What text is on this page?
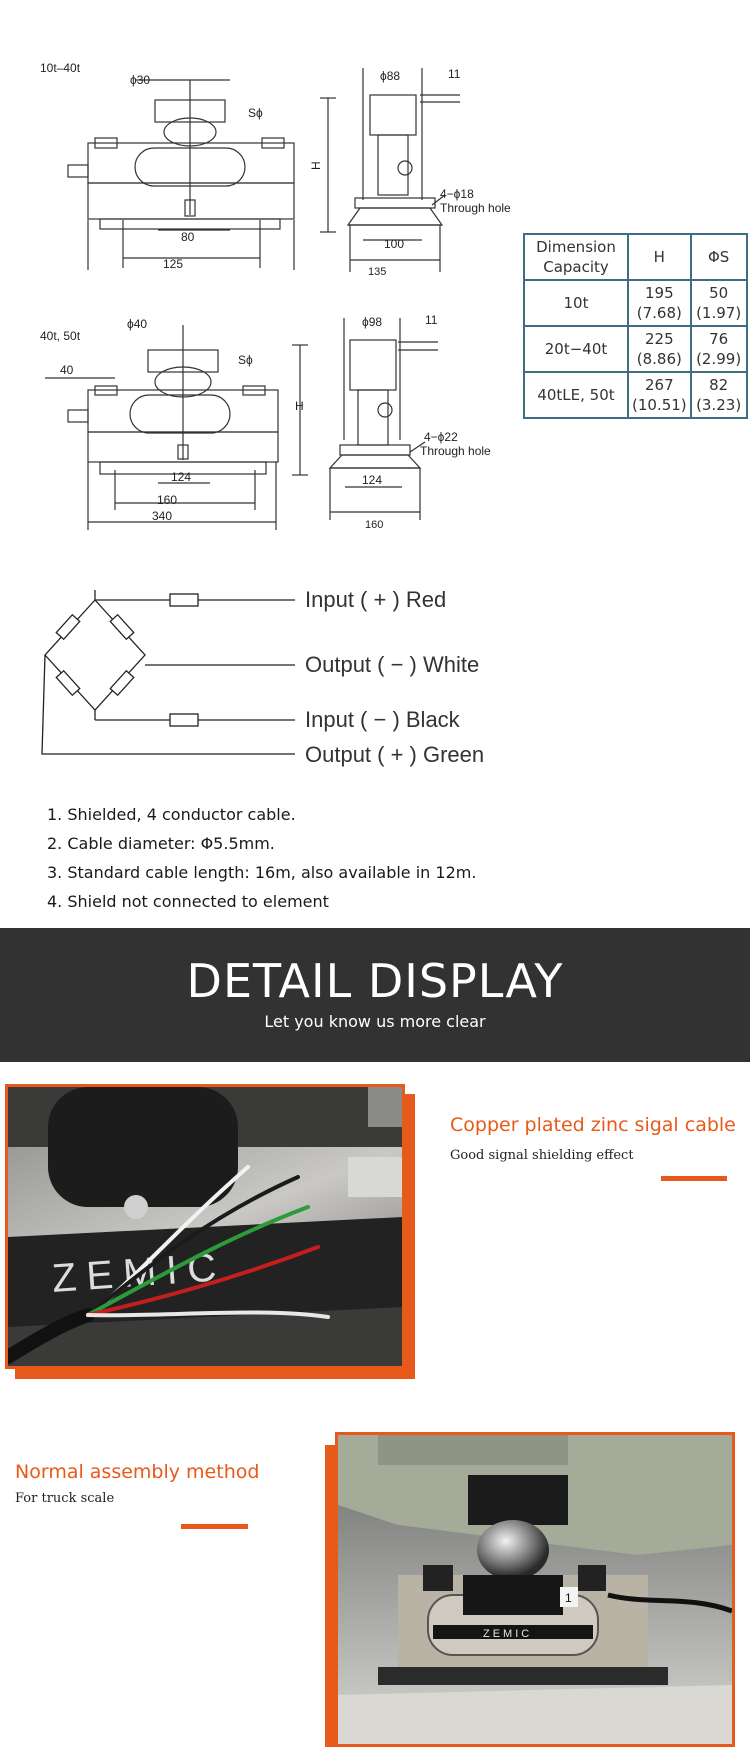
10t–40t
40t, 50t
ϕ30
Sϕ
H
80
125
ϕ88	11
4−ϕ18
Through hole
100
135
ϕ40
40
Sϕ
H
124
160
340
ϕ98	11
4−ϕ22
Through hole
124
160
Dimension Capacity	H	ΦS
10t	195 (7.68)	50 (1.97)
20t−40t	225 (8.86)	76 (2.99)
40tLE, 50t	267 (10.51)	82 (3.23)
Input ( + ) Red
Output ( − ) White
Input ( − ) Black
Output ( + ) Green
1. Shielded, 4 conductor cable.
2. Cable diameter: Φ5.5mm.
3. Standard cable length: 16m, also available in 12m.
4. Shield not connected to element
DETAIL DISPLAY
Let you know us more clear
ZEMIC
Copper plated zinc sigal cable
Good signal shielding effect
Normal assembly method
For truck scale
ZEMIC
1
